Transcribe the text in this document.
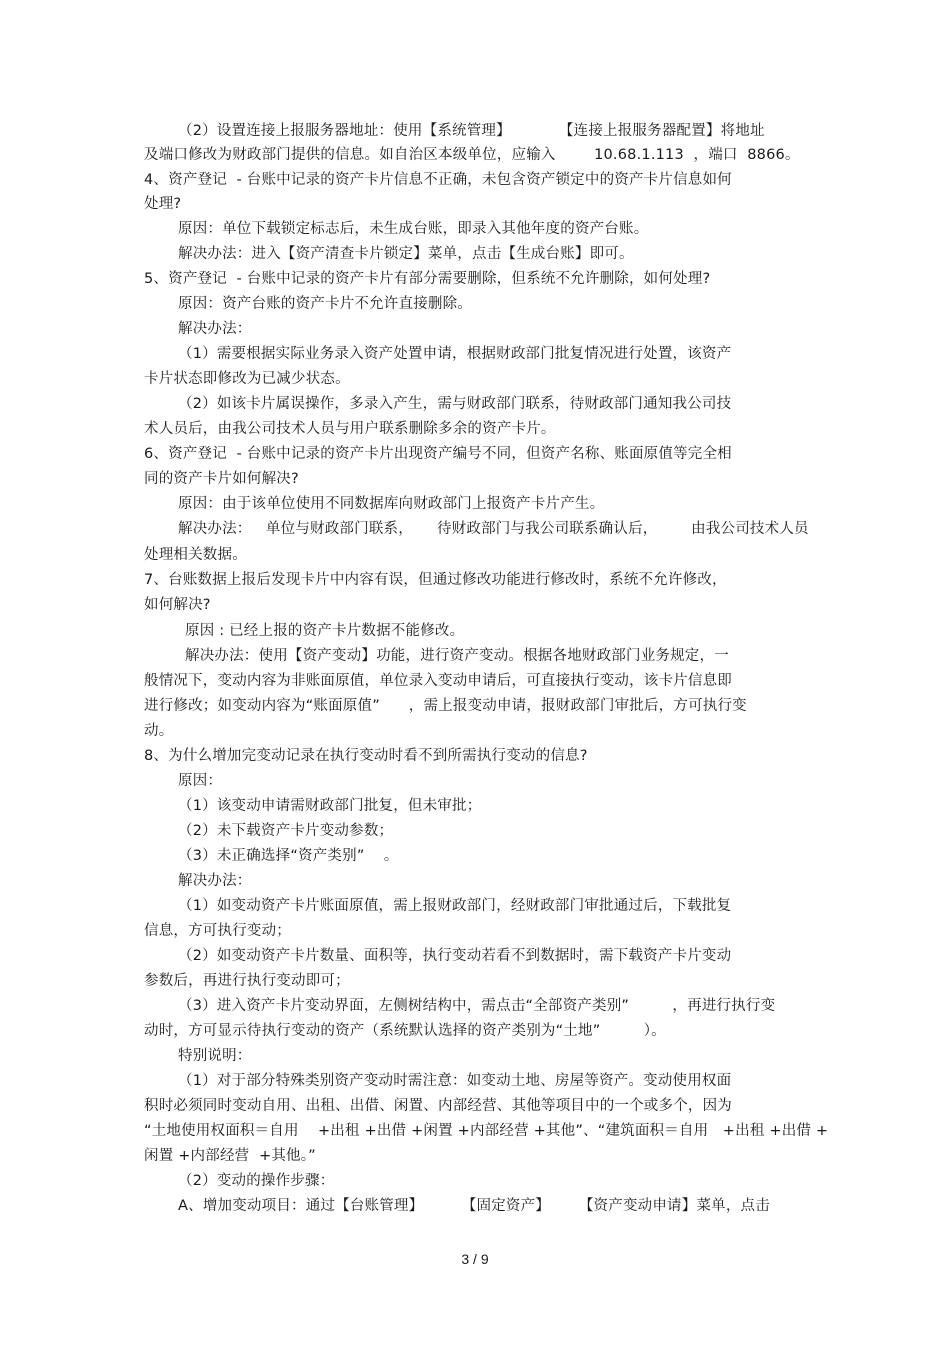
（2）设置连接上报服务器地址：使用【系统管理】          【连接上报服务器配置】将地址
及端口修改为财政部门提供的信息。如自治区本级单位，应输入        10.68.1.113  ，端口  8866。
4、资产登记  - 台账中记录的资产卡片信息不正确，未包含资产锁定中的资产卡片信息如何
处理?
原因：单位下载锁定标志后，未生成台账，即录入其他年度的资产台账。
解决办法：进入【资产清查卡片锁定】菜单，点击【生成台账】即可。
5、资产登记  - 台账中记录的资产卡片有部分需要删除，但系统不允许删除，如何处理?
原因：资产台账的资产卡片不允许直接删除。
解决办法：
（1）需要根据实际业务录入资产处置申请，根据财政部门批复情况进行处置，该资产
卡片状态即修改为已减少状态。
（2）如该卡片属误操作，多录入产生，需与财政部门联系，待财政部门通知我公司技
术人员后，由我公司技术人员与用户联系删除多余的资产卡片。
6、资产登记  - 台账中记录的资产卡片出现资产编号不同，但资产名称、账面原值等完全相
同的资产卡片如何解决?
原因：由于该单位使用不同数据库向财政部门上报资产卡片产生。
解决办法：   单位与财政部门联系，     待财政部门与我公司联系确认后，       由我公司技术人员
处理相关数据。
7、台账数据上报后发现卡片中内容有误，但通过修改功能进行修改时，系统不允许修改，
如何解决?
原因 : 已经上报的资产卡片数据不能修改。
解决办法：使用【资产变动】功能，进行资产变动。根据各地财政部门业务规定，一
般情况下，变动内容为非账面原值，单位录入变动申请后，可直接执行变动，该卡片信息即
进行修改；如变动内容为“账面原值”      ，需上报变动申请，报财政部门审批后，方可执行变
动。
8、为什么增加完变动记录在执行变动时看不到所需执行变动的信息?
原因：
（1）该变动申请需财政部门批复，但未审批；
（2）未下载资产卡片变动参数；
（3）未正确选择“资产类别”    。
解决办法：
（1）如变动资产卡片账面原值，需上报财政部门，经财政部门审批通过后，下载批复
信息，方可执行变动；
（2）如变动资产卡片数量、面积等，执行变动若看不到数据时，需下载资产卡片变动
参数后，再进行执行变动即可；
（3）进入资产卡片变动界面，左侧树结构中，需点击“全部资产类别”         ，再进行执行变
动时，方可显示待执行变动的资产（系统默认选择的资产类别为“土地”         ）。
特别说明：
（1）对于部分特殊类别资产变动时需注意：如变动土地、房屋等资产。变动使用权面
积时必须同时变动自用、出租、出借、闲置、内部经营、其他等项目中的一个或多个，因为
“土地使用权面积＝自用    +出租 +出借 +闲置 +内部经营 +其他”、“建筑面积＝自用   +出租 +出借 +
闲置 +内部经营  +其他。”
（2）变动的操作步骤：
A、增加变动项目：通过【台账管理】        【固定资产】      【资产变动申请】菜单，点击
3 / 9
